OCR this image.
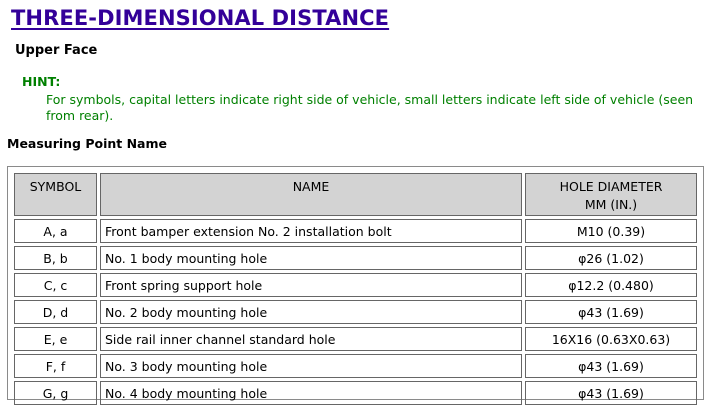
THREE-DIMENSIONAL DISTANCE
Upper Face
HINT:
For symbols, capital letters indicate right side of vehicle, small letters indicate left side of vehicle (seen from rear).
Measuring Point Name
SYMBOL	NAME	HOLE DIAMETER
MM (IN.)

A, a	Front bamper extension No. 2 installation bolt	M10 (0.39)
B, b	No. 1 body mounting hole	φ26 (1.02)
C, c	Front spring support hole	φ12.2 (0.480)
D, d	No. 2 body mounting hole	φ43 (1.69)
E, e	Side rail inner channel standard hole	16X16 (0.63X0.63)
F, f	No. 3 body mounting hole	φ43 (1.69)
G, g	No. 4 body mounting hole	φ43 (1.69)
